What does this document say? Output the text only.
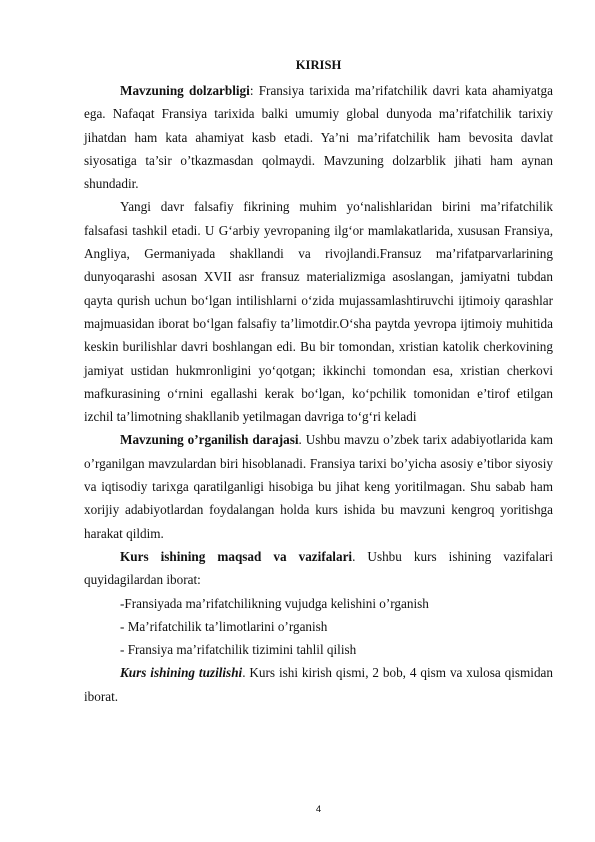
KIRISH

Mavzuning dolzarbligi: Fransiya tarixida ma’rifatchilik davri kata ahamiyatga ega. Nafaqat Fransiya tarixida balki umumiy global dunyoda ma’rifatchilik tarixiy jihatdan ham kata ahamiyat kasb etadi. Ya’ni ma’rifatchilik ham bevosita davlat siyosatiga ta’sir o’tkazmasdan qolmaydi. Mavzuning dolzarblik jihati ham aynan shundadir.

Yangi davr falsafiy fikrining muhim yo‘nalishlaridan birini ma’rifatchilik falsafasi tashkil etadi. U G‘arbiy yevropaning ilg‘or mamlakatlarida, xususan Fransiya, Angliya, Germaniyada shakllandi va rivojlandi.Fransuz ma’rifatparvarlarining dunyoqarashi asosan XVII asr fransuz materializmiga asoslangan, jamiyatni tubdan qayta qurish uchun bo‘lgan intilishlarni o‘zida mujassamlashtiruvchi ijtimoiy qarashlar majmuasidan iborat bo‘lgan falsafiy ta’limotdir.O‘sha paytda yevropa ijtimoiy muhitida keskin burilishlar davri boshlangan edi. Bu bir tomondan, xristian katolik cherkovining jamiyat ustidan hukmronligini yo‘qotgan; ikkinchi tomondan esa, xristian cherkovi mafkurasining o‘rnini egallashi kerak bo‘lgan, ko‘pchilik tomonidan e’tirof etilgan izchil ta’limotning shakllanib yetilmagan davriga to‘g‘ri keladi

Mavzuning o’rganilish darajasi. Ushbu mavzu o’zbek tarix adabiyotlarida kam o’rganilgan mavzulardan biri hisoblanadi. Fransiya tarixi bo’yicha asosiy e’tibor siyosiy va iqtisodiy tarixga qaratilganligi hisobiga bu jihat keng yoritilmagan. Shu sabab ham xorijiy adabiyotlardan foydalangan holda kurs ishida bu mavzuni kengroq yoritishga harakat qildim.

Kurs ishining maqsad va vazifalari. Ushbu kurs ishining vazifalari quyidagilardan iborat:

-Fransiyada ma’rifatchilikning vujudga kelishini o’rganish

- Ma’rifatchilik ta’limotlarini o’rganish

- Fransiya ma’rifatchilik tizimini tahlil qilish

Kurs ishining tuzilishi. Kurs ishi kirish qismi, 2 bob, 4 qism va xulosa qismidan iborat.

4
